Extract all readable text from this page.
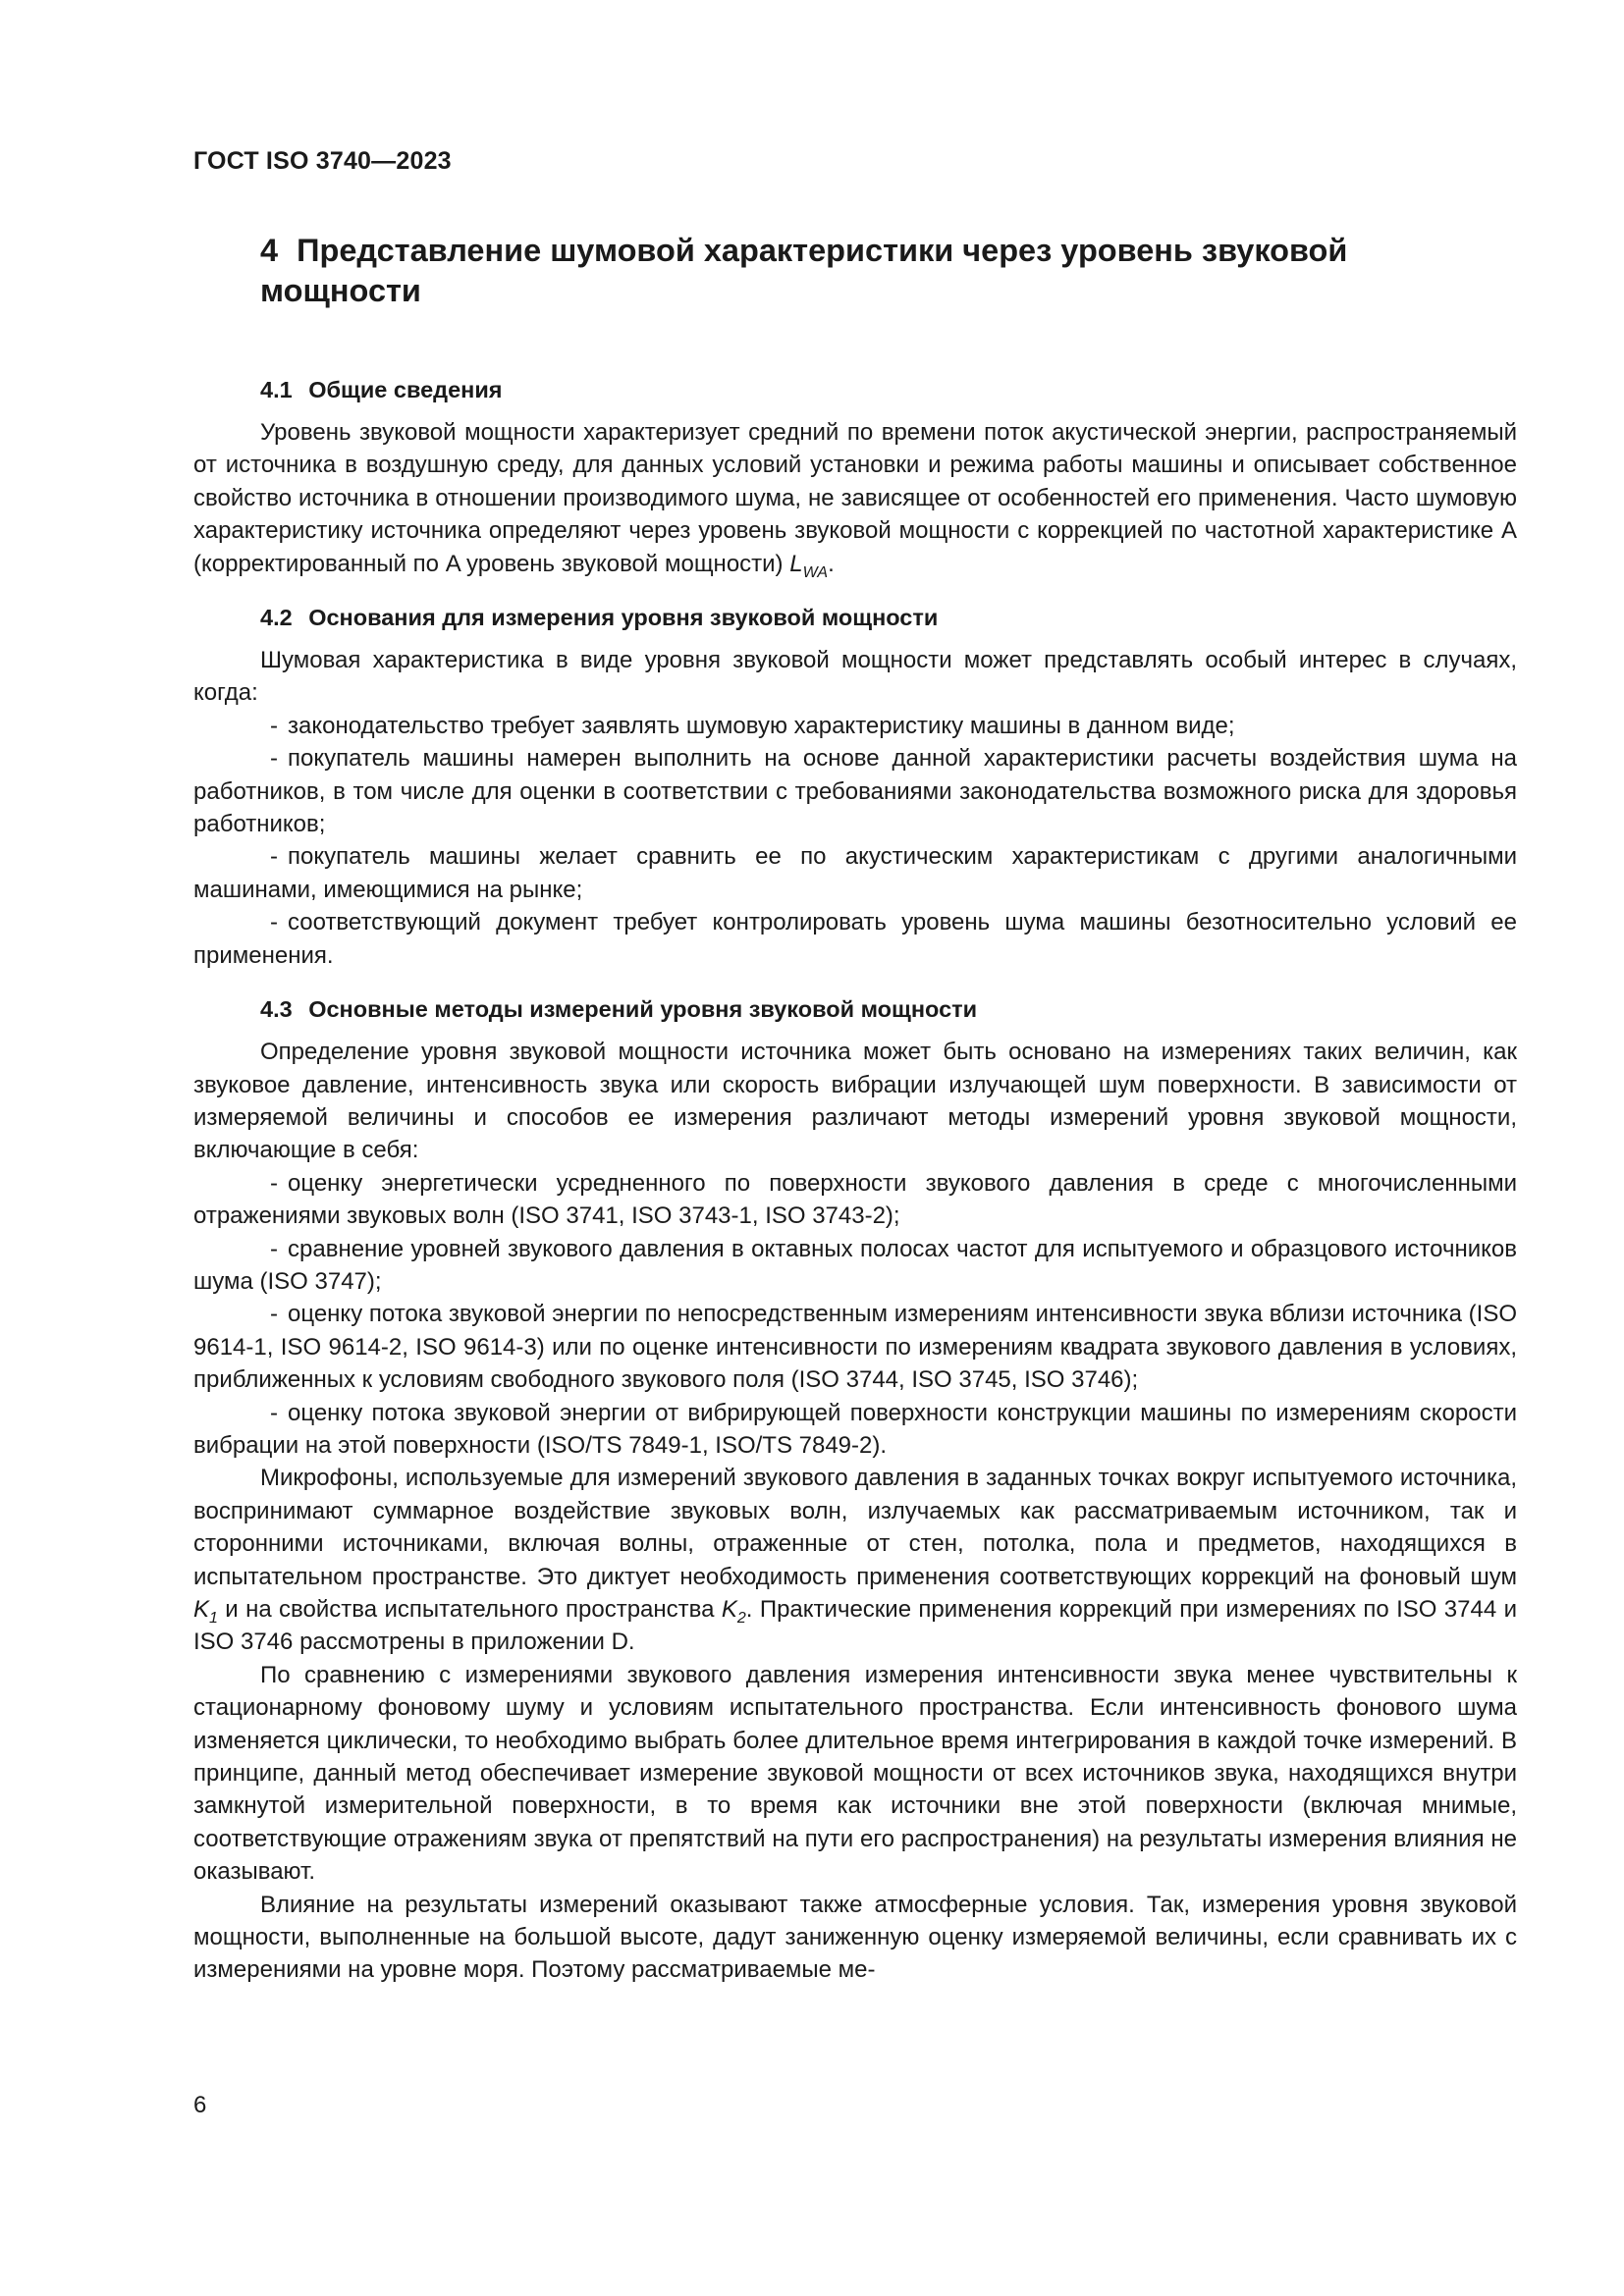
ГОСТ ISO 3740—2023
4 Представление шумовой характеристики через уровень звуковой мощности
4.1 Общие сведения

Уровень звуковой мощности характеризует средний по времени поток акустической энергии, распространяемый от источника в воздушную среду, для данных условий установки и режима работы машины и описывает собственное свойство источника в отношении производимого шума, не зависящее от особенностей его применения. Часто шумовую характеристику источника определяют через уровень звуковой мощности с коррекцией по частотной характеристике A (корректированный по A уровень звуковой мощности) $L_{WA}$.

4.2 Основания для измерения уровня звуковой мощности

Шумовая характеристика в виде уровня звуковой мощности может представлять особый интерес в случаях, когда:

- законодательство требует заявлять шумовую характеристику машины в данном виде;

- покупатель машины намерен выполнить на основе данной характеристики расчеты воздействия шума на работников, в том числе для оценки в соответствии с требованиями законодательства возможного риска для здоровья работников;

- покупатель машины желает сравнить ее по акустическим характеристикам с другими аналогичными машинами, имеющимися на рынке;

- соответствующий документ требует контролировать уровень шума машины безотносительно условий ее применения.

4.3 Основные методы измерений уровня звуковой мощности

Определение уровня звуковой мощности источника может быть основано на измерениях таких величин, как звуковое давление, интенсивность звука или скорость вибрации излучающей шум поверхности. В зависимости от измеряемой величины и способов ее измерения различают методы измерений уровня звуковой мощности, включающие в себя:

- оценку энергетически усредненного по поверхности звукового давления в среде с многочисленными отражениями звуковых волн (ISO 3741, ISO 3743-1, ISO 3743-2);

- сравнение уровней звукового давления в октавных полосах частот для испытуемого и образцового источников шума (ISO 3747);

- оценку потока звуковой энергии по непосредственным измерениям интенсивности звука вблизи источника (ISO 9614-1, ISO 9614-2, ISO 9614-3) или по оценке интенсивности по измерениям квадрата звукового давления в условиях, приближенных к условиям свободного звукового поля (ISO 3744, ISO 3745, ISO 3746);

- оценку потока звуковой энергии от вибрирующей поверхности конструкции машины по измерениям скорости вибрации на этой поверхности (ISO/TS 7849-1, ISO/TS 7849-2).

Микрофоны, используемые для измерений звукового давления в заданных точках вокруг испытуемого источника, воспринимают суммарное воздействие звуковых волн, излучаемых как рассматриваемым источником, так и сторонними источниками, включая волны, отраженные от стен, потолка, пола и предметов, находящихся в испытательном пространстве. Это диктует необходимость применения соответствующих коррекций на фоновый шум $K_1$ и на свойства испытательного пространства $K_2$. Практические применения коррекций при измерениях по ISO 3744 и ISO 3746 рассмотрены в приложении D.

По сравнению с измерениями звукового давления измерения интенсивности звука менее чувствительны к стационарному фоновому шуму и условиям испытательного пространства. Если интенсивность фонового шума изменяется циклически, то необходимо выбрать более длительное время интегрирования в каждой точке измерений. В принципе, данный метод обеспечивает измерение звуковой мощности от всех источников звука, находящихся внутри замкнутой измерительной поверхности, в то время как источники вне этой поверхности (включая мнимые, соответствующие отражениям звука от препятствий на пути его распространения) на результаты измерения влияния не оказывают.

Влияние на результаты измерений оказывают также атмосферные условия. Так, измерения уровня звуковой мощности, выполненные на большой высоте, дадут заниженную оценку измеряемой величины, если сравнивать их с измерениями на уровне моря. Поэтому рассматриваемые ме-

6
